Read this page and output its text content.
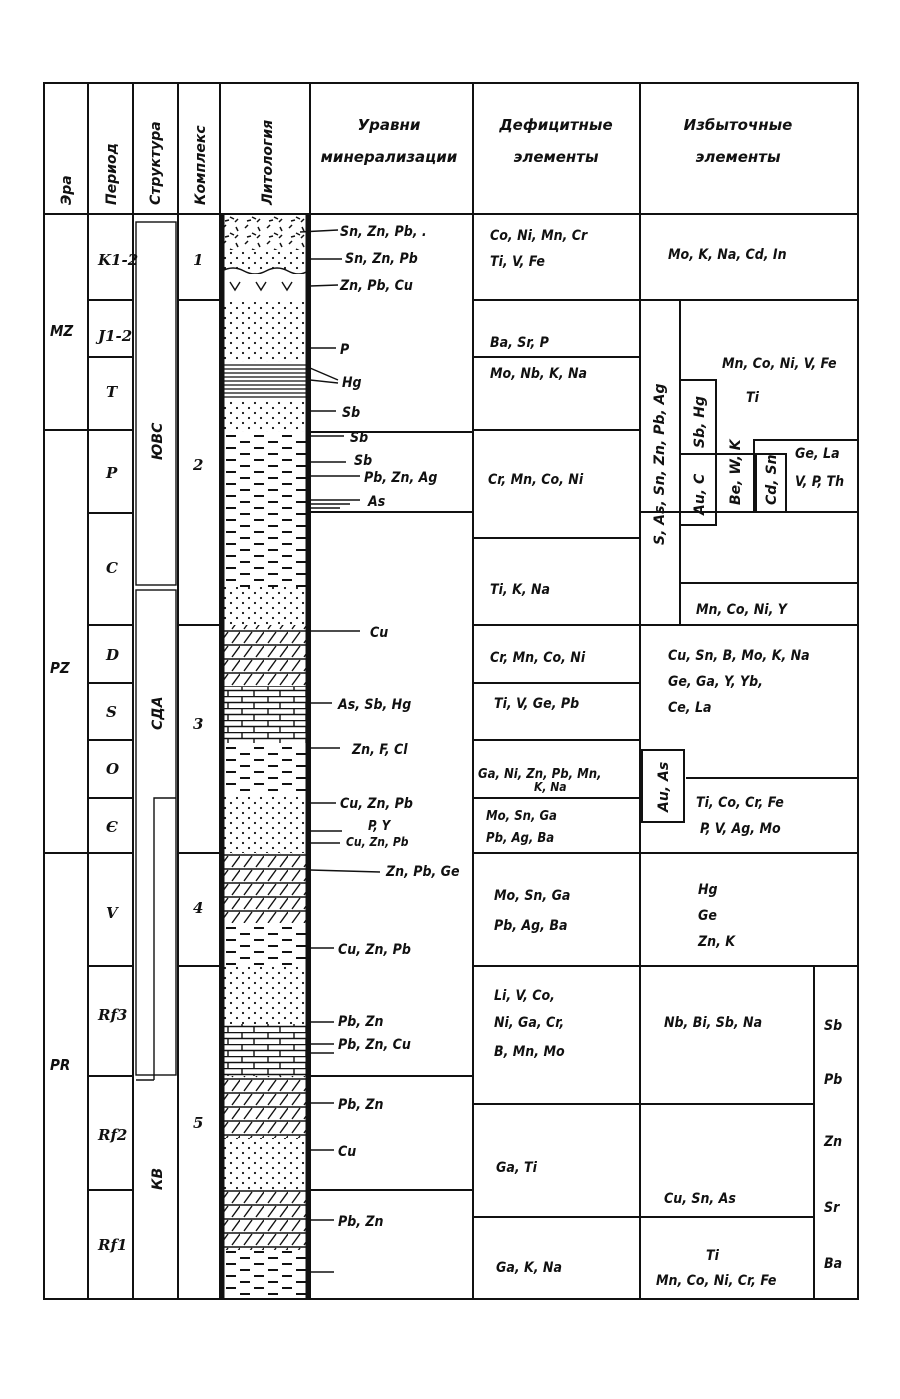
Эра Период Структура Комплекс	Литология	Уравни
минерализации
Дефицитные
элементы
Избыточные
элементы
MZ
PZ
PR
K1-2
J1-2
T
P
C
D
S
O
Є
V
Rf3
Rf2
Rf1
ЮВС
СДА
КВ
1
2
3
4
5
Sn, Zn, Pb, .
Sn, Zn, Pb
Zn, Pb, Cu
P
Hg
Sb
Sb
Sb
Pb, Zn, Ag
As
Cu
As, Sb, Hg
Zn, F, Cl
Cu, Zn, Pb
P, Y
Cu, Zn, Pb
Zn, Pb, Ge
Cu, Zn, Pb
Pb, Zn
Pb, Zn, Cu
Pb, Zn
Cu
Pb, Zn
Co, Ni, Mn, Cr
Ti, V, Fe
Ba, Sr, P
Mo, Nb, K, Na
Cr, Mn, Co, Ni
Ti, K, Na
Cr, Mn, Co, Ni
Ti, V, Ge, Pb
Ga, Ni, Zn, Pb, Mn,
K, Na
Mo, Sn, Ga
Pb, Ag, Ba
Mo, Sn, Ga
Pb, Ag, Ba
Li, V, Co,
Ni, Ga, Cr,
B, Mn, Mo
Ga, Ti
Ga, K, Na
Mo, K, Na, Cd, In
Mn, Co, Ni, V, Fe
Ti
S, As, Sn, Zn, Pb, Ag Sb, Hg
Au, C Be, W, K Cd, Sn
Ge, La
V, P, Th
Mn, Co, Ni, Y
Cu, Sn, B, Mo, K, Na
Ge, Ga, Y, Yb,
Ce, La
Au, As Ti, Co, Cr, Fe
P, V, Ag, Mo
Hg
Ge
Zn, K
Nb, Bi, Sb, Na
Cu, Sn, As
Ti
Mn, Co, Ni, Cr, Fe
Sb
Pb
Zn
Sr
Ba
